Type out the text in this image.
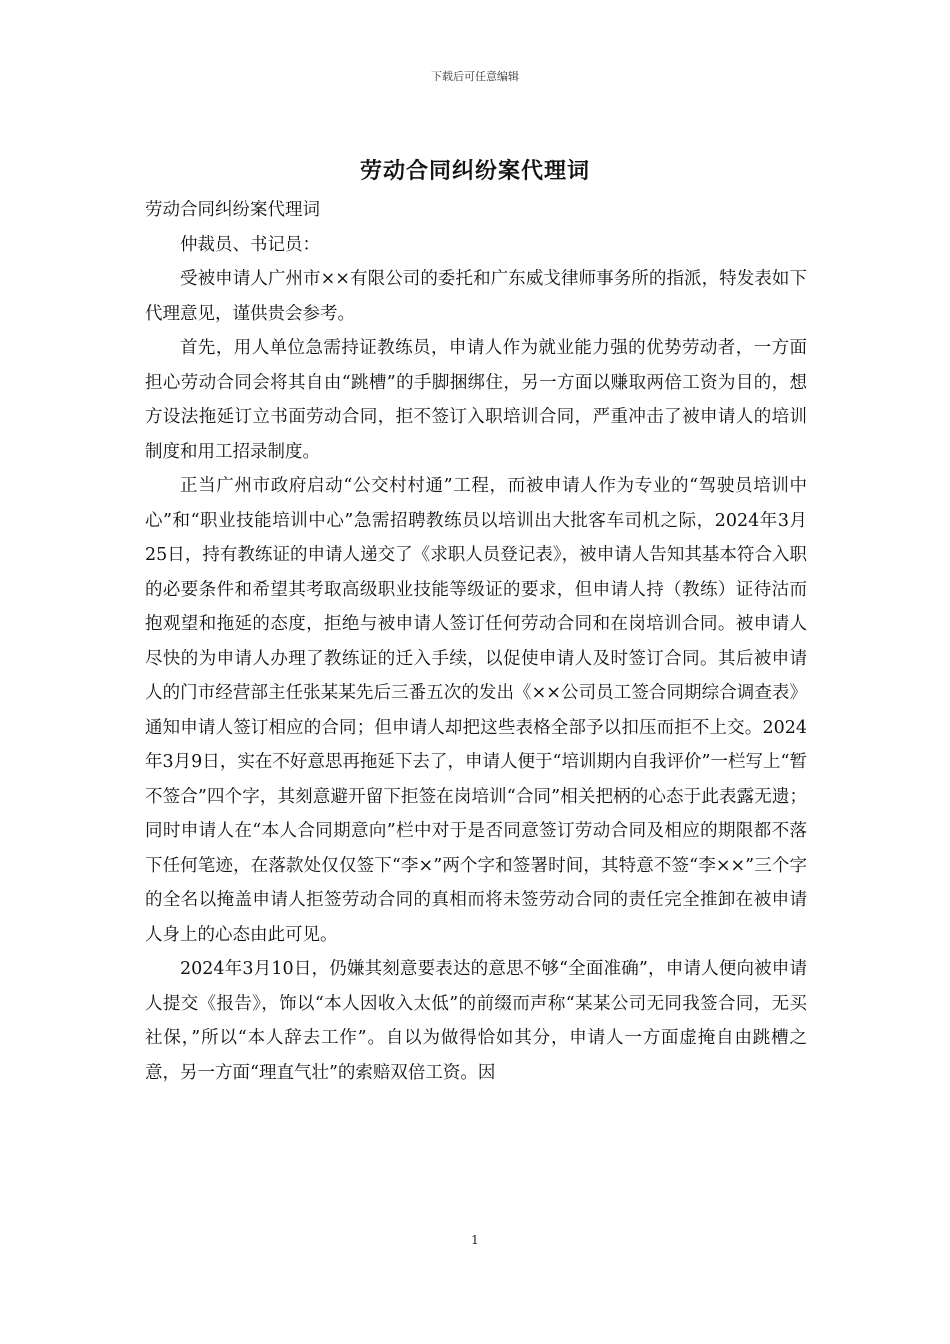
下载后可任意编辑
劳动合同纠纷案代理词

劳动合同纠纷案代理词

仲裁员、书记员：

受被申请人广州市××有限公司的委托和广东威戈律师事务所的指派，特发表如下代理意见，谨供贵会参考。

首先，用人单位急需持证教练员，申请人作为就业能力强的优势劳动者，一方面担心劳动合同会将其自由“跳槽”的手脚捆绑住，另一方面以赚取两倍工资为目的，想方设法拖延订立书面劳动合同，拒不签订入职培训合同，严重冲击了被申请人的培训制度和用工招录制度。

正当广州市政府启动“公交村村通”工程，而被申请人作为专业的“驾驶员培训中心”和“职业技能培训中心”急需招聘教练员以培训出大批客车司机之际，2024年3月25日，持有教练证的申请人递交了《求职人员登记表》，被申请人告知其基本符合入职的必要条件和希望其考取高级职业技能等级证的要求，但申请人持（教练）证待沽而抱观望和拖延的态度，拒绝与被申请人签订任何劳动合同和在岗培训合同。被申请人尽快的为申请人办理了教练证的迁入手续，以促使申请人及时签订合同。其后被申请人的门市经营部主任张某某先后三番五次的发出《××公司员工签合同期综合调查表》通知申请人签订相应的合同；但申请人却把这些表格全部予以扣压而拒不上交。2024年3月9日，实在不好意思再拖延下去了，申请人便于“培训期内自我评价”一栏写上“暂不签合”四个字，其刻意避开留下拒签在岗培训“合同”相关把柄的心态于此表露无遗；同时申请人在“本人合同期意向”栏中对于是否同意签订劳动合同及相应的期限都不落下任何笔迹，在落款处仅仅签下“李×”两个字和签署时间，其特意不签“李××”三个字的全名以掩盖申请人拒签劳动合同的真相而将未签劳动合同的责任完全推卸在被申请人身上的心态由此可见。

2024年3月10日，仍嫌其刻意要表达的意思不够“全面准确”，申请人便向被申请人提交《报告》，饰以“本人因收入太低”的前缀而声称“某某公司无同我签合同，无买社保，”所以“本人辞去工作”。自以为做得恰如其分，申请人一方面虚掩自由跳槽之意，另一方面“理直气壮”的索赔双倍工资。因

1
